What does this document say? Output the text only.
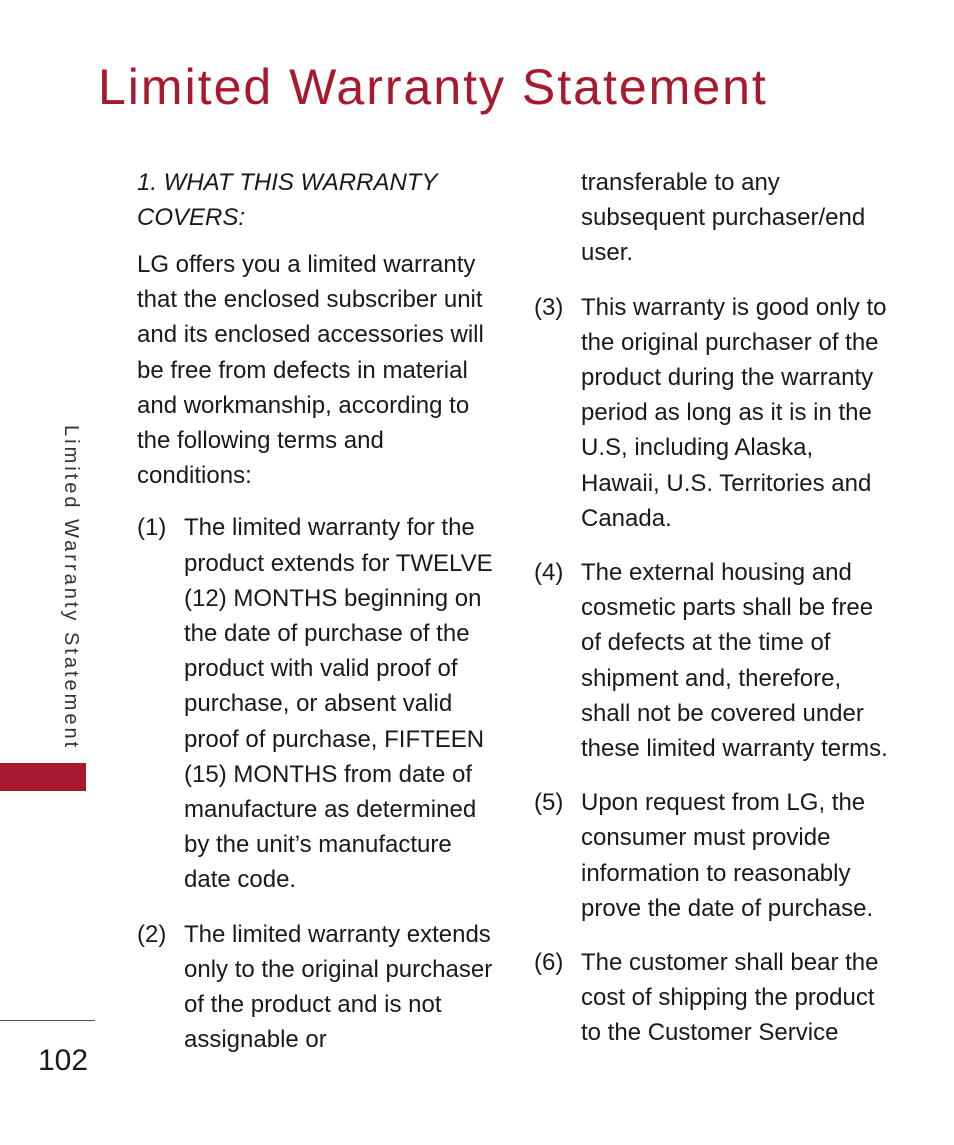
Limited Warranty Statement
Limited Warranty Statement
102
1. WHAT THIS WARRANTY COVERS:
LG offers you a limited warranty that the enclosed subscriber unit and its enclosed accessories will be free from defects in material and workmanship, according to the following terms and conditions:
(1) The limited warranty for the product extends for TWELVE (12) MONTHS beginning on the date of purchase of the product with valid proof of purchase, or absent valid proof of purchase, FIFTEEN (15) MONTHS from date of manufacture as determined by the unit’s manufacture date code.
(2) The limited warranty extends only to the original purchaser of the product and is not assignable or
transferable to any subsequent purchaser/end user.
(3) This warranty is good only to the original purchaser of the product during the warranty period as long as it is in the U.S, including Alaska, Hawaii, U.S. Territories and Canada.
(4) The external housing and cosmetic parts shall be free of defects at the time of shipment and, therefore, shall not be covered under these limited warranty terms.
(5) Upon request from LG, the consumer must provide information to reasonably prove the date of purchase.
(6) The customer shall bear the cost of shipping the product to the Customer Service
